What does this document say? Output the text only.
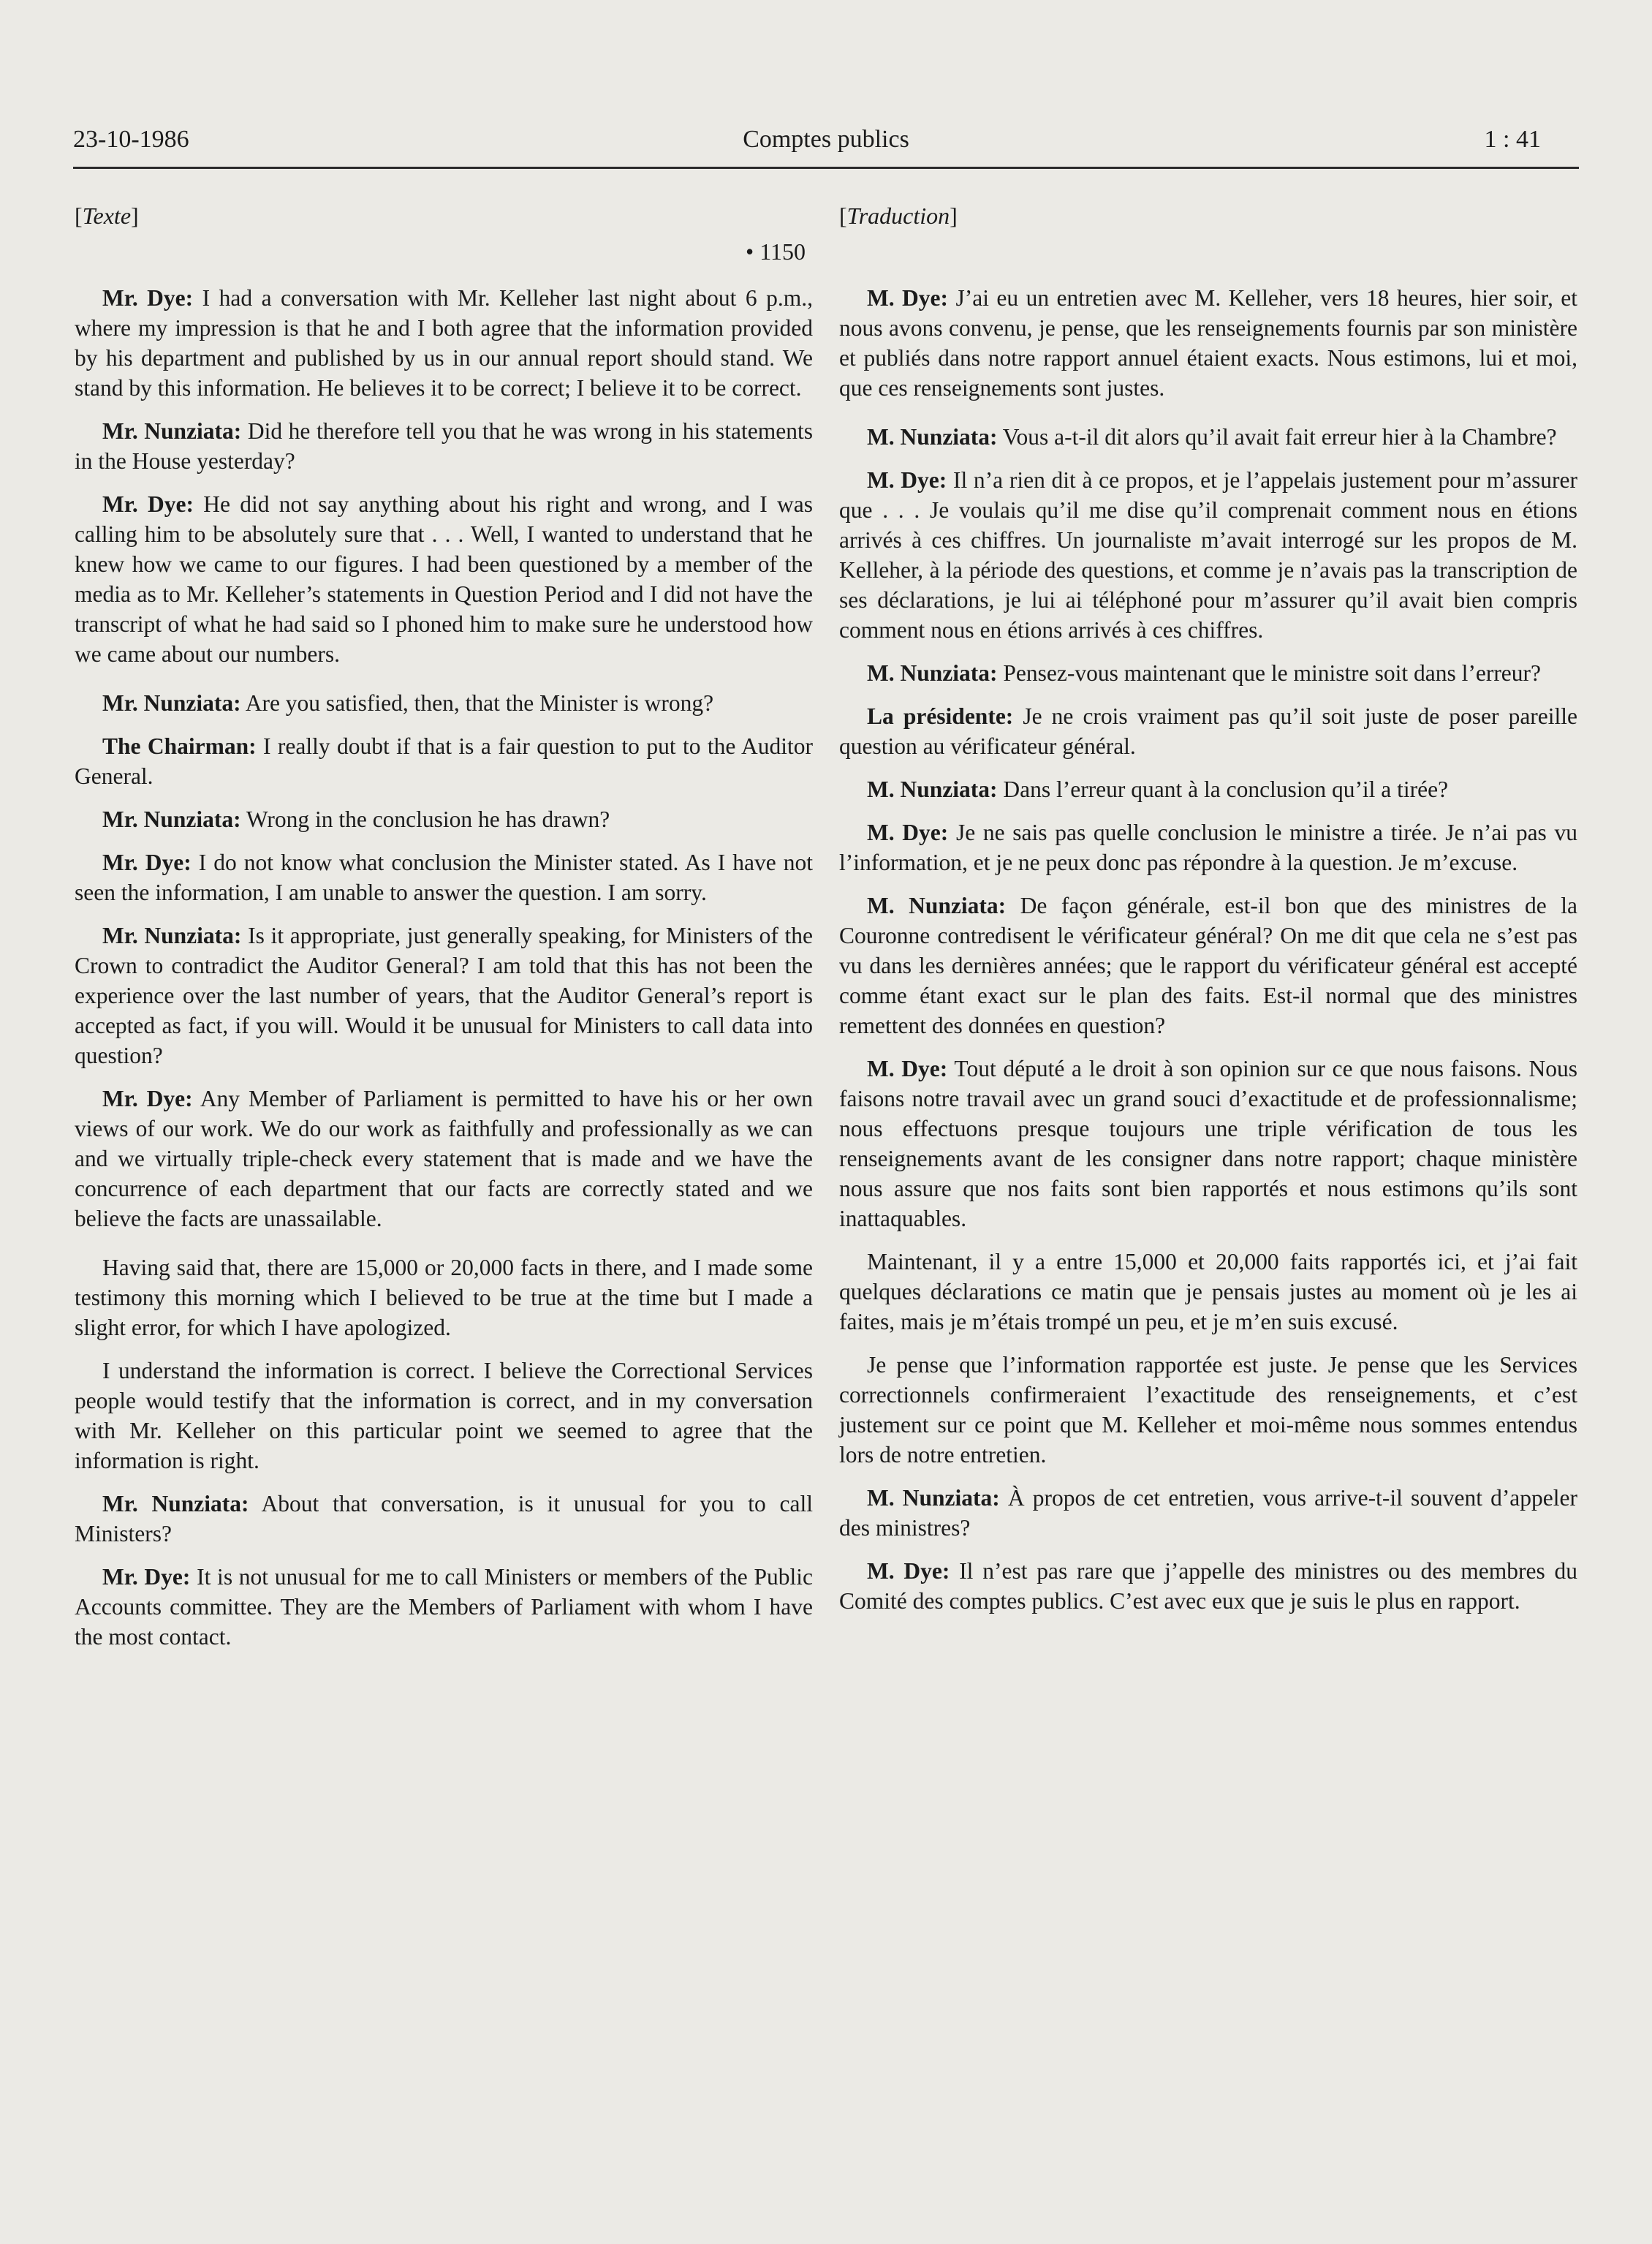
23-10-1986	Comptes publics	1 : 41
[Texte]
• 1150

Mr. Dye: I had a conversation with Mr. Kelleher last night about 6 p.m., where my impression is that he and I both agree that the information provided by his department and published by us in our annual report should stand. We stand by this information. He believes it to be correct; I believe it to be correct.

Mr. Nunziata: Did he therefore tell you that he was wrong in his statements in the House yesterday?

Mr. Dye: He did not say anything about his right and wrong, and I was calling him to be absolutely sure that . . . Well, I wanted to understand that he knew how we came to our figures. I had been questioned by a member of the media as to Mr. Kelleher’s statements in Question Period and I did not have the transcript of what he had said so I phoned him to make sure he understood how we came about our numbers.

Mr. Nunziata: Are you satisfied, then, that the Minister is wrong?

The Chairman: I really doubt if that is a fair question to put to the Auditor General.

Mr. Nunziata: Wrong in the conclusion he has drawn?

Mr. Dye: I do not know what conclusion the Minister stated. As I have not seen the information, I am unable to answer the question. I am sorry.

Mr. Nunziata: Is it appropriate, just generally speaking, for Ministers of the Crown to contradict the Auditor General? I am told that this has not been the experience over the last number of years, that the Auditor General’s report is accepted as fact, if you will. Would it be unusual for Ministers to call data into question?

Mr. Dye: Any Member of Parliament is permitted to have his or her own views of our work. We do our work as faithfully and professionally as we can and we virtually triple-check every statement that is made and we have the concurrence of each department that our facts are correctly stated and we believe the facts are unassailable.

Having said that, there are 15,000 or 20,000 facts in there, and I made some testimony this morning which I believed to be true at the time but I made a slight error, for which I have apologized.

I understand the information is correct. I believe the Correctional Services people would testify that the information is correct, and in my conversation with Mr. Kelleher on this particular point we seemed to agree that the information is right.

Mr. Nunziata: About that conversation, is it unusual for you to call Ministers?

Mr. Dye: It is not unusual for me to call Ministers or members of the Public Accounts committee. They are the Members of Parliament with whom I have the most contact.

[Traduction]

M. Dye: J’ai eu un entretien avec M. Kelleher, vers 18 heures, hier soir, et nous avons convenu, je pense, que les renseignements fournis par son ministère et publiés dans notre rapport annuel étaient exacts. Nous estimons, lui et moi, que ces renseignements sont justes.

M. Nunziata: Vous a-t-il dit alors qu’il avait fait erreur hier à la Chambre?

M. Dye: Il n’a rien dit à ce propos, et je l’appelais justement pour m’assurer que . . . Je voulais qu’il me dise qu’il comprenait comment nous en étions arrivés à ces chiffres. Un journaliste m’avait interrogé sur les propos de M. Kelleher, à la période des questions, et comme je n’avais pas la transcription de ses déclarations, je lui ai téléphoné pour m’assurer qu’il avait bien compris comment nous en étions arrivés à ces chiffres.

M. Nunziata: Pensez-vous maintenant que le ministre soit dans l’erreur?

La présidente: Je ne crois vraiment pas qu’il soit juste de poser pareille question au vérificateur général.

M. Nunziata: Dans l’erreur quant à la conclusion qu’il a tirée?

M. Dye: Je ne sais pas quelle conclusion le ministre a tirée. Je n’ai pas vu l’information, et je ne peux donc pas répondre à la question. Je m’excuse.

M. Nunziata: De façon générale, est-il bon que des ministres de la Couronne contredisent le vérificateur général? On me dit que cela ne s’est pas vu dans les dernières années; que le rapport du vérificateur général est accepté comme étant exact sur le plan des faits. Est-il normal que des ministres remettent des données en question?

M. Dye: Tout député a le droit à son opinion sur ce que nous faisons. Nous faisons notre travail avec un grand souci d’exactitude et de professionnalisme; nous effectuons presque toujours une triple vérification de tous les renseignements avant de les consigner dans notre rapport; chaque ministère nous assure que nos faits sont bien rapportés et nous estimons qu’ils sont inattaquables.

Maintenant, il y a entre 15,000 et 20,000 faits rapportés ici, et j’ai fait quelques déclarations ce matin que je pensais justes au moment où je les ai faites, mais je m’étais trompé un peu, et je m’en suis excusé.

Je pense que l’information rapportée est juste. Je pense que les Services correctionnels confirmeraient l’exactitude des renseignements, et c’est justement sur ce point que M. Kelleher et moi-même nous sommes entendus lors de notre entretien.

M. Nunziata: À propos de cet entretien, vous arrive-t-il souvent d’appeler des ministres?

M. Dye: Il n’est pas rare que j’appelle des ministres ou des membres du Comité des comptes publics. C’est avec eux que je suis le plus en rapport.
